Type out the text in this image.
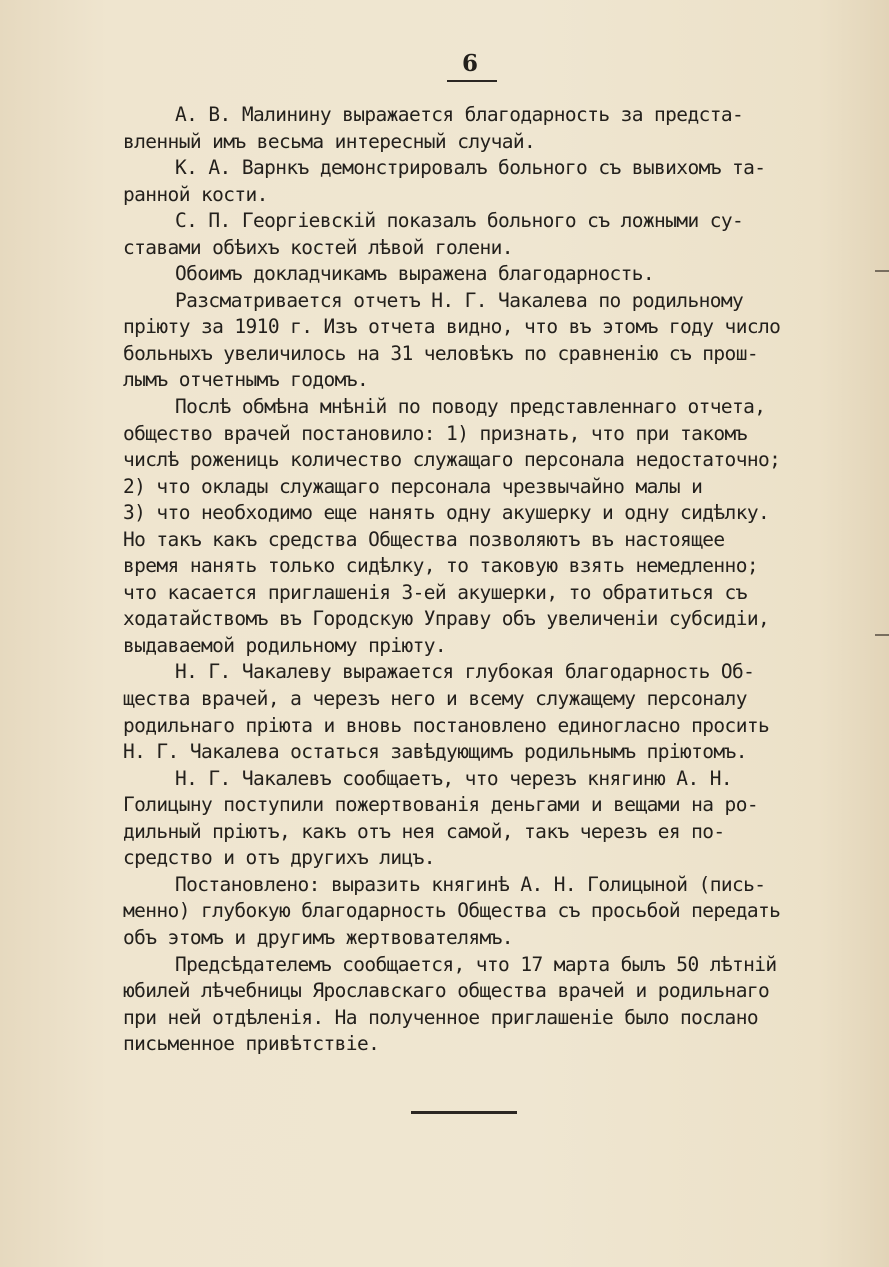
6
А. В. Малинину выражается благодарность за предста-
вленный имъ весьма интересный случай.
К. А. Варнкъ демонстрировалъ больного съ вывихомъ та-
ранной кости.
С. П. Георгіевскій показалъ больного съ ложными су-
ставами обѣихъ костей лѣвой голени.
Обоимъ докладчикамъ выражена благодарность.
Разсматривается отчетъ Н. Г. Чакалева по родильному
пріюту за 1910 г. Изъ отчета видно, что въ этомъ году число
больныхъ увеличилось на 31 человѣкъ по сравненію съ прош-
лымъ отчетнымъ годомъ.
Послѣ обмѣна мнѣній по поводу представленнаго отчета,
общество врачей постановило: 1) признать, что при такомъ
числѣ рожениць количество служащаго персонала недостаточно;
2) что оклады служащаго персонала чрезвычайно малы и
3) что необходимо еще нанять одну акушерку и одну сидѣлку.
Но такъ какъ средства Общества позволяютъ въ настоящее
время нанять только сидѣлку, то таковую взять немедленно;
что касается приглашенія 3-ей акушерки, то обратиться съ
ходатайствомъ въ Городскую Управу объ увеличеніи субсидіи,
выдаваемой родильному пріюту.
Н. Г. Чакалеву выражается глубокая благодарность Об-
щества врачей, а черезъ него и всему служащему персоналу
родильнаго пріюта и вновь постановлено единогласно просить
Н. Г. Чакалева остаться завѣдующимъ родильнымъ пріютомъ.
Н. Г. Чакалевъ сообщаетъ, что черезъ княгиню А. Н.
Голицыну поступили пожертвованія деньгами и вещами на ро-
дильный пріютъ, какъ отъ нея самой, такъ черезъ ея по-
средство и отъ другихъ лицъ.
Постановлено: выразить княгинѣ А. Н. Голицыной (пись-
менно) глубокую благодарность Общества съ просьбой передать
объ этомъ и другимъ жертвователямъ.
Предсѣдателемъ сообщается, что 17 марта былъ 50 лѣтній
юбилей лѣчебницы Ярославскаго общества врачей и родильнаго
при ней отдѣленія. На полученное приглашеніе было послано
письменное привѣтствіе.
